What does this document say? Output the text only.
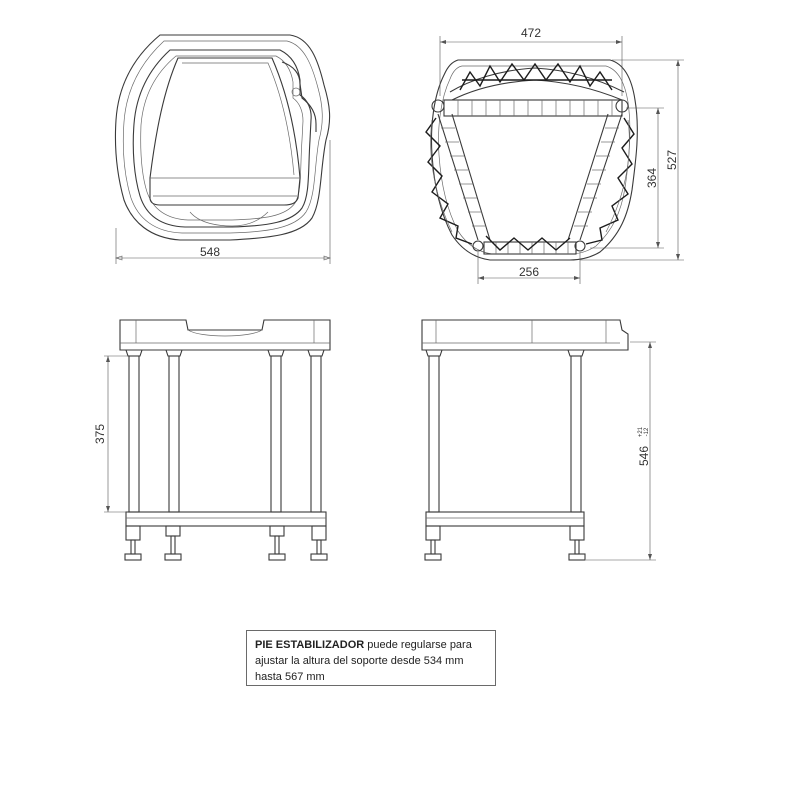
548
472
527
364
256
375
546
+21 -12
PIE ESTABILIZADOR puede regularse para ajustar la altura del soporte desde 534 mm hasta 567 mm
